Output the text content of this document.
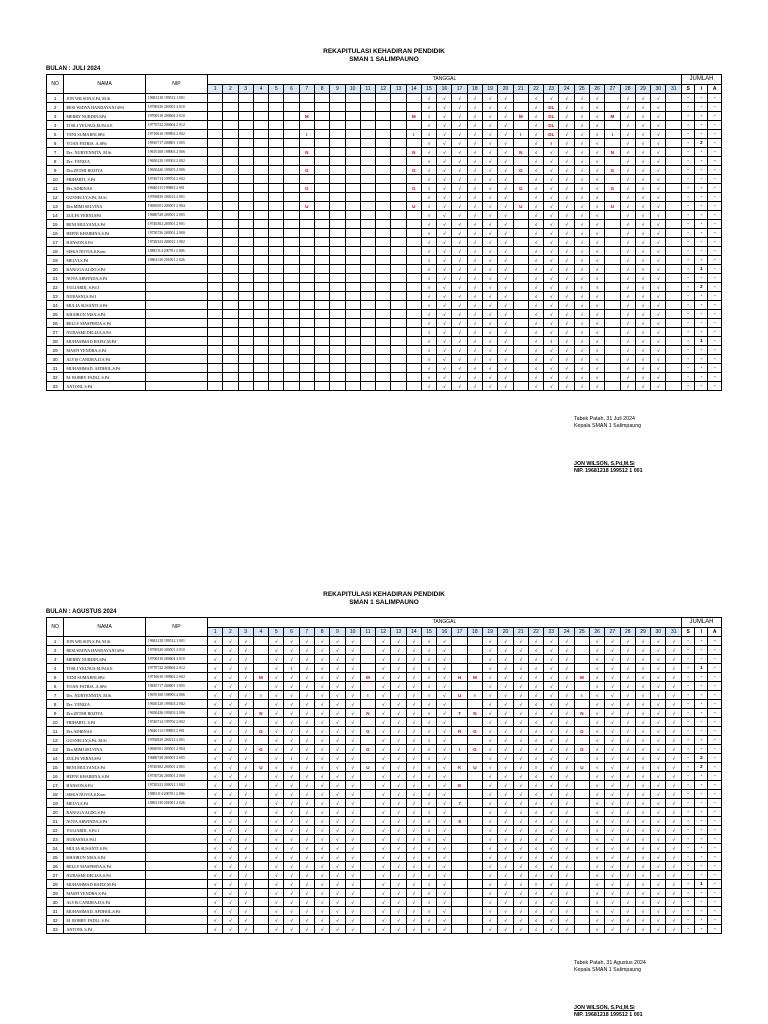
REKAPITULASI KEHADIRAN PENDIDIK
SMAN 1 SALIMPAUNO
BULAN : JULI 2024
NO	NAMA	NIP	TANGGAL																															JUMLAH		
			1	2	3	4	5	6	7	8	9	10	11	12	13	14	15	16	17	18	19	20	21	22	23	24	25	26	27	28	29	30	31	S	I	A
1	JON WILSON,S.Pd, M.Si	19681218 199512 1 001															√	√	√	√	√	√		√	√	√	√	√		√	√	√		-	-	-
2	RESI WIDYA HANDAYANI SPd	19790520 200501 2 010															√	√	√	√	√	√		√	DL	√	√	√		√	√	√		-	-	-
3	MERRY NURDIN,SPd	19700510 200604 2 010							M							M	√	√	√	√	√	√	M	√	DL	√	√	√	M	√	√	√		-	-	-
4	TOSLI YELNUS,M.Pd,S.E	19770722 200604 2 012															√	√	√	√	√	√		√	DL	√	√	√		√	√	√		-	-	-
5	YENI SUMARNI,SPd	19710610 199802 2 002							I							I	√	√	√	√	√	√	I	√	DL	√	√	√	I	√	√	√		-	-	-
6	YOAN FATRIA .A.SPd	19810717 200801 1 005															√	√	√	√	√	√		√	I	√	√	√		√	√	√		-	2	-
7	Drs. NURYENNITA .M.Si	19670108 198903 2 006							N							N	√	√	√	√	√	√	N	√	√	√	√	√	N	√	√	√		-	-	-
8	Drs. YENIZA	19650120 199303 2 002															√	√	√	√	√	√		√	√	√	√	√		√	√	√		-	-	-
9	Dra.ZETMI ROZIYA	19650426 199203 2 006							G							G	√	√	√	√	√	√	G	√	√	√	√	√	G	√	√	√		-	-	-
10	FRIHARTI, S.Pd	19740714 199702 2 002															√	√	√	√	√	√		√	√	√	√	√		√	√	√		-	-	-
11	Drs.ADRINAS	19640113 199803 2 001							G							G	√	√	√	√	√	√	G	√	√	√	√	√	G	√	√	√		-	-	-
12	GUSNELLY,S.Pd, M.Si	19760829 200212 2 001															√	√	√	√	√	√		√	√	√	√	√		√	√	√		-	-	-
13	Dra.MIMI SELVINA	19650501 200501 2 004							U							U	√	√	√	√	√	√	U	√	√	√	√	√	U	√	√	√		-	-	-
14	ZULFA YERNI,SPd	19680728 200501 2 005															√	√	√	√	√	√		√	√	√	√	√		√	√	√		-	-	-
15	RENI MULYANI,S.Pd	19740302 200501 2 001															√	√	√	√	√	√		√	√	√	√	√		√	√	√		-	-	-
16	HEFNI KHAIRINA,S.Pd	19750726 200501 2 000															√	√	√	√	√	√		√	√	√	√	√		√	√	√		-	-	-
17	HANSON,S.Pd	19720323 200012 1 002															√	√	√	√	√	√		√	√	√	√	√		√	√	√		-	-	-
18	SISKA NOVIA,S.Kom	19881114 200701 2 006															√	√	√	√	√	√		√	√	√	√	√		√	√	√		-	-	-
19	MELVI,S.Pd	19861130 201001 2 026															√	√	√	√	√	√		√	√	√	√	√		√	√	√		-	-	-
20	RANGGA ALDO,S.Pd																√	√	√	√	√	√		√	√	√	√	√		√	I	√		-	1	-
21	NOVA ARWINDA,S.Pd																√	√	√	√	√	√		√	√	√	√	√		√	√	√		-	-	-
22	YULIARDI, S.Pd.I																√	√	√	√	√	√		√	√	√	I	I		√	√	√		-	2	-
23	NURASNI,S.Pd.I																√	√	√	√	√	√		√	√	√	√	√		√	√	√		-	-	-
24	MULIA SUSANTI,S.Pd																√	√	√	√	√	√		√	√	√	√	√		√	√	√		-	-	-
25	KHAIRUN NISA,S.Pd																√	√	√	√	√	√		√	√	√	√	√		√	√	√		-	-	-
26	RELLY MASPERTA,S.Pd																√	√	√	√	√	√		√	√	√	√	√		√	√	√		-	-	-
27	NURASMI DELIZA,S.Pd																√	√	√	√	√	√		√	√	√	√	√		√	√	√		-	-	-
28	MUHAMMAD HAFIZ,M.Pd																√	√	√	√	√	√		√	I	√	√	√		√	√	√		-	1	-
29	MASPI YENDRA,S.Pd																√	√	√	√	√	√		√	√	√	√	√		√	√	√		-	-	-
30	ALVIS CANDRA.D.S.Pd																√	√	√	√	√	√		√	√	√	√	√		√	√	√		-	-	-
31	MUHAMMAD. AFDHOL,S.Pd																√	√	√	√	√	√		√	√	√	√	√		√	√	√		-	-	-
32	M. ROBBY FADLI, S.Pd																√	√	√	√	√	√		√	√	√	√	√		√	√	√		-	-	-
33	ANTONI, S.Pd																√	√	√	√	√	√		√	√	√	√	√		√	√	√		-	-	-
Tabek Patah, 31 Juli 2024
Kepala SMAN 1 Salimpaung
JON WILSON, S.Pd,M.Si
NIP. 19681218 199512 1 001
REKAPITULASI KEHADIRAN PENDIDIK
SMAN 1 SALIMPAUNO
BULAN : AGUSTUS 2024
NO	NAMA	NIP	TANGGAL																															JUMLAH		
			1	2	3	4	5	6	7	8	9	10	11	12	13	14	15	16	17	18	19	20	21	22	23	24	25	26	27	28	29	30	31	S	I	A
1	JON WILSON,S.Pd, M.Si	19681218 199512 1 001	√	√	√		√	√	√	√	√	√		√	√	√	√	√			√	√	√	√	√	√		√	√	√	√	√	√	-	-	-
2	RESI WIDYA HANDAYANI SPd	19790520 200501 2 010	√	√	√		√	√	√	√	√	√		√	√	√	√	√			√	√	√	√	√	√		√	√	√	√	√	√	-	-	-
3	MERRY NURDIN,SPd	19700510 200604 2 010	√	√	√		√	√	√	√	√	√		√	√	√	√	√			√	√	√	√	√	√		√	√	√	√	√	√	-	-	-
4	TOSLI YELNUS,M.Pd,S.E	19770722 200604 2 012	√	√	√		√	I	√	√	√	√		√	√	√	√	√			√	√	√	√	√	√		√	√	√	√	√	√	-	1	-
5	YENI SUMARNI,SPd	19710610 199802 2 002	√	√	√	M	√	√	√	√	√	√	M	√	√	√	√	√	H	M	√	√	√	√	√	√	M	√	√	√	√	√	√	-	-	-
6	YOAN FATRIA .A.SPd	19810717 200801 1 005	√	√	√		√	√	√	√	√	√		√	√	√	√	√			√	√	√	√	√	√		√	√	√	√	√	√	-	-	-
7	Drs. NURYENNITA .M.Si	19670108 198903 2 006	√	√	√	I	√	√	√	√	√	√	I	√	√	√	√	√	U	I	√	√	√	√	√	√	I	√	√	√	√	√	√	-	-	-
8	Drs. YENIZA	19650120 199303 2 002	√	√	√		√	√	√	√	√	√		√	√	√	√	√			√	√	√	√	√	√		√	√	√	√	√	√	-	-	-
9	Dra.ZETMI ROZIYA	19650426 199203 2 006	√	√	√	N	√	√	√	√	√	√	N	√	√	√	√	√	T	N	√	√	√	√	√	√	N	√	√	√	√	√	√	-	-	-
10	FRIHARTI, S.Pd	19740714 199702 2 002	√	√	√		√	√	√	√	√	√		√	√	√	√	√			√	√	√	√	√	√		√	√	√	√	√	√	-	-	-
11	Drs.ADRINAS	19640113 199803 2 001	√	√	√	G	√	√	√	√	√	√	G	√	√	√	√	√	R	G	√	√	√	√	√	√	G	√	√	√	√	√	√	-	-	-
12	GUSNELLY,S.Pd, M.Si	19760829 200212 2 001	√	√	√		√	√	√	√	√	√		√	√	√	√	√			√	√	√	√	√	√		√	√	√	√	√	√	-	-	-
13	Dra.MIMI SELVINA	19650501 200501 2 004	√	√	√	G	√	√	√	√	√	√	G	√	√	√	√	√	I	G	√	√	√	√	√	√	G	√	√	√	√	√	√	-	-	-
14	ZULFA YERNI,SPd	19680728 200501 2 005	√	√	√		√	I	√	√	√	√		√	√	√	√	√			√	√	√	√	√	√		√	√	√	√	√	√	-	2	-
15	RENI MULYANI,S.Pd	19740302 200501 2 001	√	√	√	U	√	√	√	√	√	√	U	√	√	√	√	√	K	U	√	√	√	I	√	√	U	√	√	√	√	√	√	-	2	-
16	HEFNI KHAIRINA,S.Pd	19750726 200501 2 000	√	√	√		√	√	√	√	√	√		√	√	√	√	√			√	√	√	√	√	√		√	√	√	√	√	√	-	-	-
17	HANSON,S.Pd	19720323 200012 1 002	√	√	√		√	√	√	√	√	√		√	√	√	√	√	E		√	√	√	√	√	√		√	√	√	√	√	√	-	-	-
18	SISKA NOVIA,S.Kom	19881114 200701 2 006	√	√	√		√	√	√	√	√	√		√	√	√	√	√			√	√	√	√	√	√		√	√	√	√	√	√	-	-	-
19	MELVI,S.Pd	19861130 201001 2 026	√	√	√		√	√	√	√	√	√		√	√	√	√	√	7		√	√	√	√	√	√		√	√	√	√	√	√	-	-	-
20	RANGGA ALDO,S.Pd		√	√	√		√	√	√	√	√	√		√	√	√	√	√			√	√	√	√	√	√		√	√	√	√	√	√	-	-	-
21	NOVA ARWINDA,S.Pd		√	√	√		√	√	√	√	√	√		√	√	√	√	√	9		√	√	√	√	√	√		√	√	√	√	√	√	-	-	-
22	YULIARDI, S.Pd.I		√	√	√		√	√	√	√	√	√		√	√	√	√	√			√	√	√	√	√	√		√	√	√	√	√	√	-	-	-
23	NURASNI,S.Pd.I		√	√	√		√	√	√	√	√	√		√	√	√	√	√			√	√	√	√	√	√		√	√	√	√	√	√	-	-	-
24	MULIA SUSANTI,S.Pd		√	√	√		√	√	√	√	√	√		√	√	√	√	√			√	√	√	√	√	√		√	√	√	√	√	√	-	-	-
25	KHAIRUN NISA,S.Pd		√	√	√		√	√	√	√	√	√		√	√	√	√	√			√	√	√	√	√	√		√	√	√	√	√	√	-	-	-
26	RELLY MASPERTA,S.Pd		√	√	√		√	√	√	√	√	√		√	√	√	√	√			√	√	√	√	√	√		√	√	√	√	√	√	-	-	-
27	NURASMI DELIZA,S.Pd		√	√	√		√	√	√	√	√	√		√	√	√	√	√			√	√	√	√	√	√		√	√	√	√	√	√	-	-	-
28	MUHAMMAD HAFIZ,M.Pd		√	√	√		√	√	√	√	√	√		√	√	√	√	√			√	√	√	I	√	√		√	√	√	√	√	√	-	1	-
29	MASPI YENDRA,S.Pd		√	√	√		√	√	√	√	√	√		√	√	√	√	√			√	√	√	√	√	√		√	√	√	√	√	√	-	-	-
30	ALVIS CANDRA.D.S.Pd		√	√	√		√	√	√	√	√	√		√	√	√	√	√			√	√	√	√	√	√		√	√	√	√	√	√	-	-	-
31	MUHAMMAD. AFDHOL,S.Pd		√	√	√		√	√	√	√	√	√		√	√	√	√	√			√	√	√	√	√	√		√	√	√	√	√	√	-	-	-
32	M. ROBBY FADLI, S.Pd		√	√	√		√	√	√	√	√	√		√	√	√	√	√			√	√	√	√	√	√		√	√	√	√	√	√	-	-	-
33	ANTONI, S.Pd		√	√	√		√	√	√	√	√	√		√	√	√	√	√			√	√	√	√	√	√		√	√	√	√	√	√	-	-	-
Tabek Patah, 31 Agustus 2024
Kepala SMAN 1 Salimpaung
JON WILSON, S.Pd,M.Si
NIP. 19681218 199512 1 001
